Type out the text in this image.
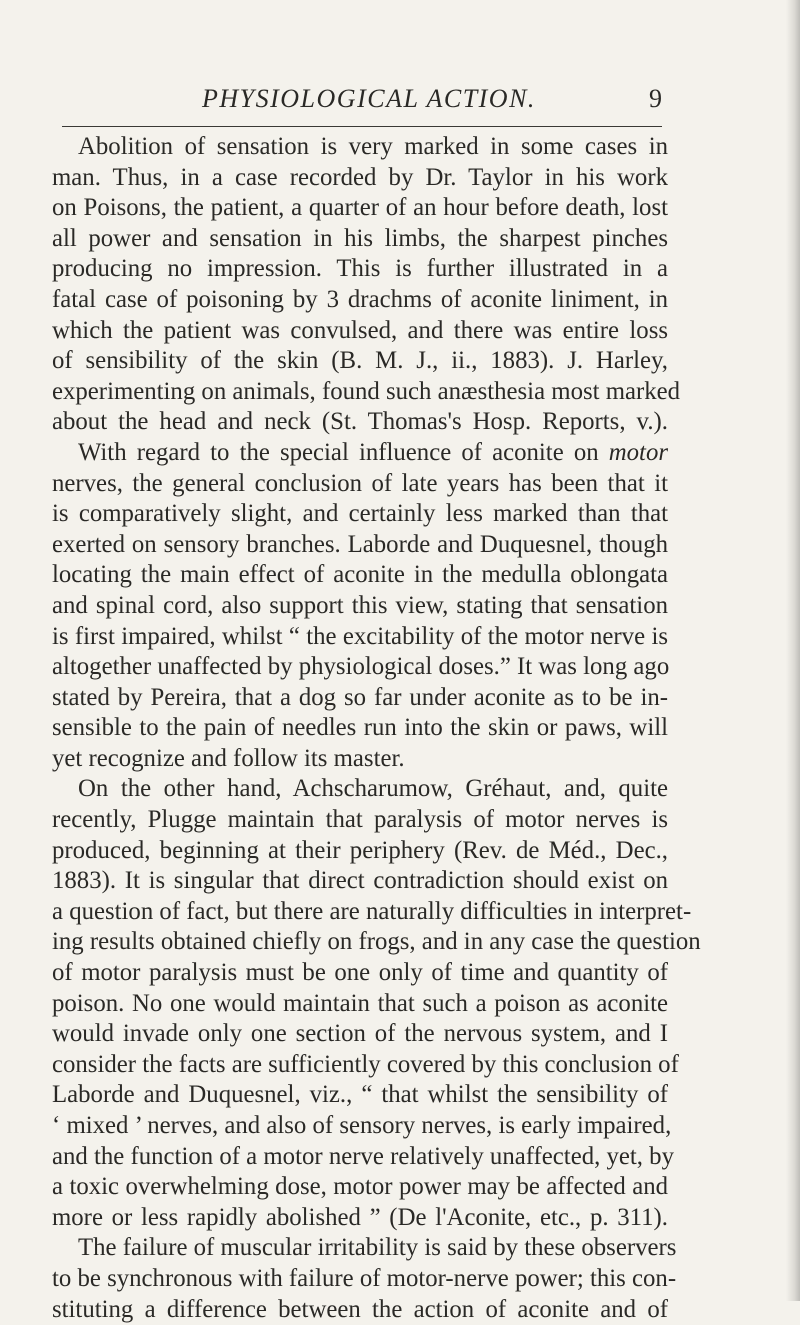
PHYSIOLOGICAL ACTION.	9
Abolition of sensation is very marked in some cases in
man. Thus, in a case recorded by Dr. Taylor in his work
on Poisons, the patient, a quarter of an hour before death, lost
all power and sensation in his limbs, the sharpest pinches
producing no impression. This is further illustrated in a
fatal case of poisoning by 3 drachms of aconite liniment, in
which the patient was convulsed, and there was entire loss
of sensibility of the skin (B. M. J., ii., 1883). J. Harley,
experimenting on animals, found such anæsthesia most marked
about the head and neck (St. Thomas's Hosp. Reports, v.).
With regard to the special influence of aconite on motor
nerves, the general conclusion of late years has been that it
is comparatively slight, and certainly less marked than that
exerted on sensory branches. Laborde and Duquesnel, though
locating the main effect of aconite in the medulla oblongata
and spinal cord, also support this view, stating that sensation
is first impaired, whilst “ the excitability of the motor nerve is
altogether unaffected by physiological doses.” It was long ago
stated by Pereira, that a dog so far under aconite as to be in-
sensible to the pain of needles run into the skin or paws, will
yet recognize and follow its master.
On the other hand, Achscharumow, Gréhaut, and, quite
recently, Plugge maintain that paralysis of motor nerves is
produced, beginning at their periphery (Rev. de Méd., Dec.,
1883). It is singular that direct contradiction should exist on
a question of fact, but there are naturally difficulties in interpret-
ing results obtained chiefly on frogs, and in any case the question
of motor paralysis must be one only of time and quantity of
poison. No one would maintain that such a poison as aconite
would invade only one section of the nervous system, and I
consider the facts are sufficiently covered by this conclusion of
Laborde and Duquesnel, viz., “ that whilst the sensibility of
‘ mixed ’ nerves, and also of sensory nerves, is early impaired,
and the function of a motor nerve relatively unaffected, yet, by
a toxic overwhelming dose, motor power may be affected and
more or less rapidly abolished ” (De l'Aconite, etc., p. 311).
The failure of muscular irritability is said by these observers
to be synchronous with failure of motor-nerve power; this con-
stituting a difference between the action of aconite and of
